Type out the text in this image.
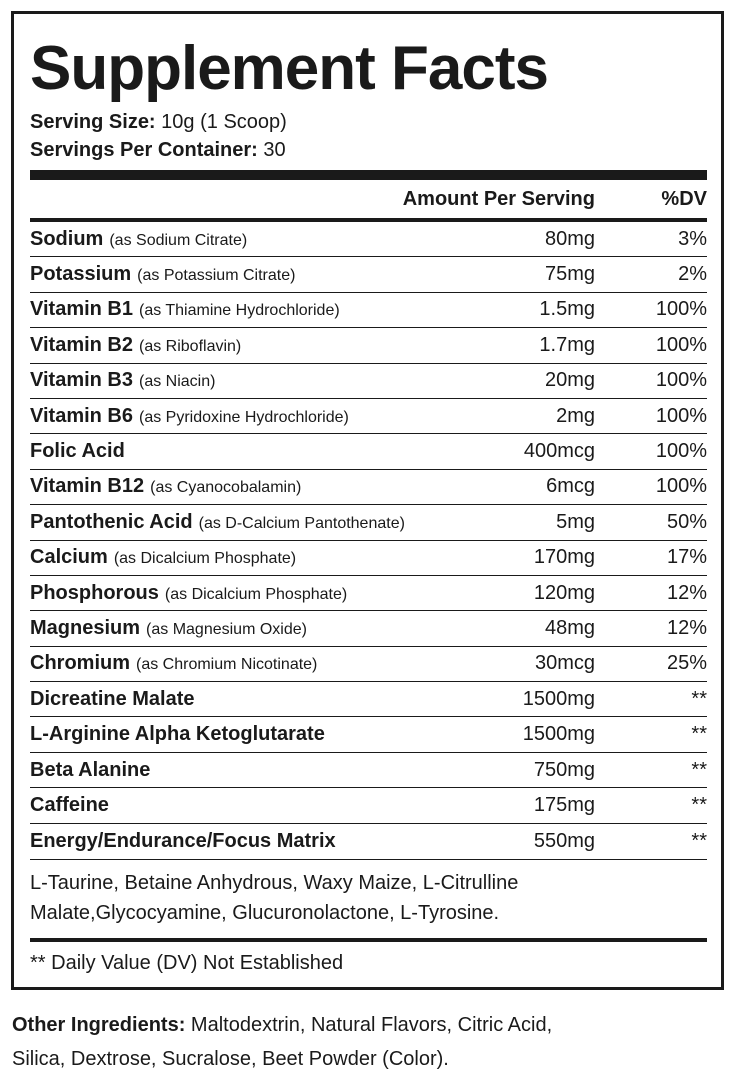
Supplement Facts
Serving Size: 10g (1 Scoop)
Servings Per Container: 30
Amount Per Serving	%DV
Sodium (as Sodium Citrate)	80mg	3%
Potassium (as Potassium Citrate)	75mg	2%
Vitamin B1 (as Thiamine Hydrochloride)	1.5mg	100%
Vitamin B2 (as Riboflavin)	1.7mg	100%
Vitamin B3 (as Niacin)	20mg	100%
Vitamin B6 (as Pyridoxine Hydrochloride)	2mg	100%
Folic Acid	400mcg	100%
Vitamin B12 (as Cyanocobalamin)	6mcg	100%
Pantothenic Acid (as D-Calcium Pantothenate)	5mg	50%
Calcium (as Dicalcium Phosphate)	170mg	17%
Phosphorous (as Dicalcium Phosphate)	120mg	12%
Magnesium (as Magnesium Oxide)	48mg	12%
Chromium (as Chromium Nicotinate)	30mcg	25%
Dicreatine Malate	1500mg	**
L-Arginine Alpha Ketoglutarate	1500mg	**
Beta Alanine	750mg	**
Caffeine	175mg	**
Energy/Endurance/Focus Matrix	550mg	**
L-Taurine, Betaine Anhydrous, Waxy Maize, L-Citrulline
Malate,Glycocyamine, Glucuronolactone, L-Tyrosine.
** Daily Value (DV) Not Established
Other Ingredients: Maltodextrin, Natural Flavors, Citric Acid,
Silica, Dextrose, Sucralose, Beet Powder (Color).
